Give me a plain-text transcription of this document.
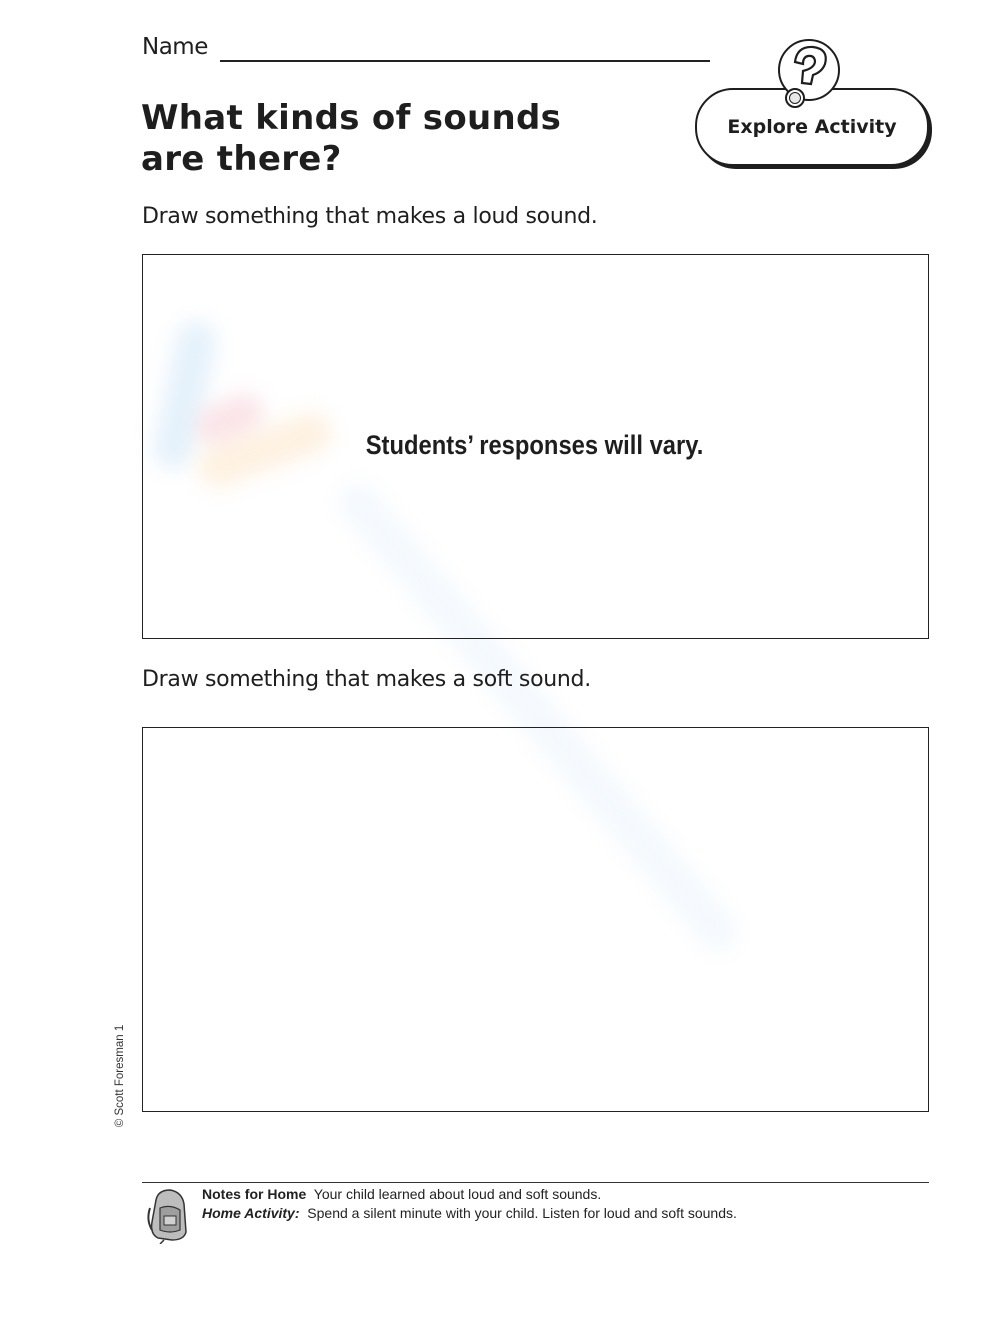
Name
What kinds of sounds
are there?
Explore Activity
Draw something that makes a loud sound.
Students’ responses will vary.
Draw something that makes a soft sound.
© Scott Foresman 1
Notes for Home Your child learned about loud and soft sounds.
Home Activity: Spend a silent minute with your child. Listen for loud and soft sounds.
